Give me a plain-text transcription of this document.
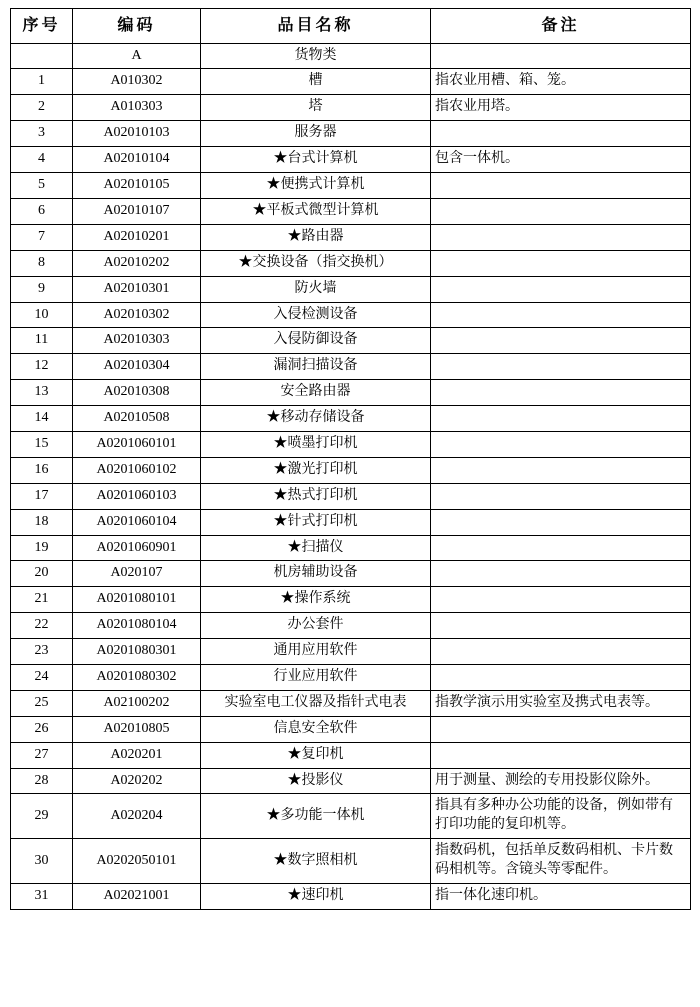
序号	编码	品目名称	备注
	A	货物类	
1	A010302	槽	指农业用槽、箱、笼。
2	A010303	塔	指农业用塔。
3	A02010103	服务器	
4	A02010104	★台式计算机	包含一体机。
5	A02010105	★便携式计算机	
6	A02010107	★平板式微型计算机	
7	A02010201	★路由器	
8	A02010202	★交换设备（指交换机）	
9	A02010301	防火墙	
10	A02010302	入侵检测设备	
11	A02010303	入侵防御设备	
12	A02010304	漏洞扫描设备	
13	A02010308	安全路由器	
14	A02010508	★移动存储设备	
15	A0201060101	★喷墨打印机	
16	A0201060102	★激光打印机	
17	A0201060103	★热式打印机	
18	A0201060104	★针式打印机	
19	A0201060901	★扫描仪	
20	A020107	机房辅助设备	
21	A0201080101	★操作系统	
22	A0201080104	办公套件	
23	A0201080301	通用应用软件	
24	A0201080302	行业应用软件	
25	A02100202	实验室电工仪器及指针式电表	指教学演示用实验室及携式电表等。
26	A02010805	信息安全软件	
27	A020201	★复印机	
28	A020202	★投影仪	用于测量、测绘的专用投影仪除外。
29	A020204	★多功能一体机	指具有多种办公功能的设备，例如带有打印功能的复印机等。
30	A0202050101	★数字照相机	指数码机，包括单反数码相机、卡片数码相机等。含镜头等零配件。
31	A02021001	★速印机	指一体化速印机。
